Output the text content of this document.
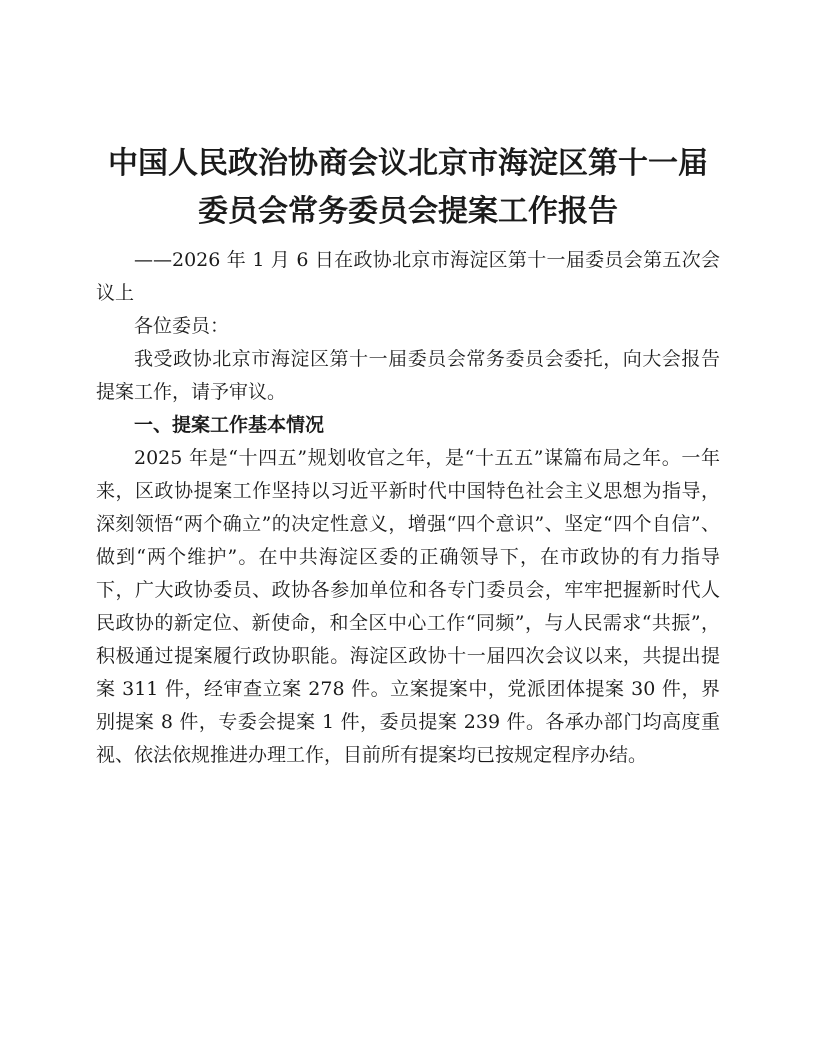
中国人民政治协商会议北京市海淀区第十一届
委员会常务委员会提案工作报告

——2026 年 1 月 6 日在政协北京市海淀区第十一届委员会第五次会议上

各位委员：

我受政协北京市海淀区第十一届委员会常务委员会委托，向大会报告提案工作，请予审议。

一、提案工作基本情况

2025 年是“十四五”规划收官之年，是“十五五”谋篇布局之年。一年来，区政协提案工作坚持以习近平新时代中国特色社会主义思想为指导，深刻领悟“两个确立”的决定性意义，增强“四个意识”、坚定“四个自信”、做到“两个维护”。在中共海淀区委的正确领导下，在市政协的有力指导下，广大政协委员、政协各参加单位和各专门委员会，牢牢把握新时代人民政协的新定位、新使命，和全区中心工作“同频”，与人民需求“共振”，积极通过提案履行政协职能。海淀区政协十一届四次会议以来，共提出提案 311 件，经审查立案 278 件。立案提案中，党派团体提案 30 件，界别提案 8 件，专委会提案 1 件，委员提案 239 件。各承办部门均高度重视、依法依规推进办理工作，目前所有提案均已按规定程序办结。
